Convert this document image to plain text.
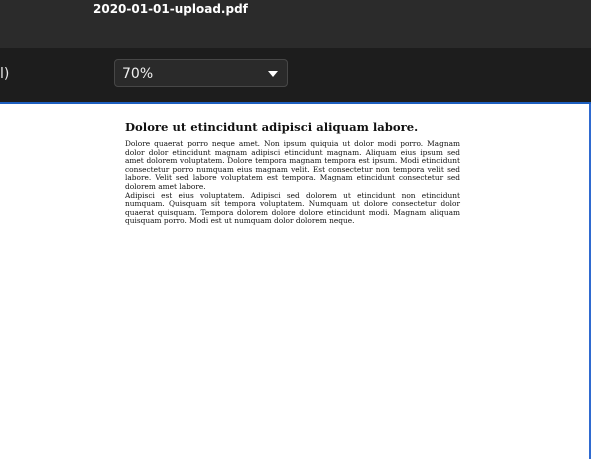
2020-01-01-upload.pdf
l)	70%
Dolore ut etincidunt adipisci aliquam labore.

Dolore quaerat porro neque amet. Non ipsum quiquia ut dolor modi porro. Magnam dolor dolor etincidunt magnam adipisci etincidunt magnam. Aliquam eius ipsum sed amet dolorem voluptatem. Dolore tempora magnam tempora est ipsum. Modi etincidunt consectetur porro numquam eius magnam velit. Est consectetur non tempora velit sed labore. Velit sed labore voluptatem est tempora. Magnam etincidunt consectetur sed dolorem amet labore.

Adipisci est eius voluptatem. Adipisci sed dolorem ut etincidunt non etincidunt numquam. Quisquam sit tempora voluptatem. Numquam ut dolore consectetur dolor quaerat quisquam. Tempora dolorem dolore dolore etincidunt modi. Magnam aliquam quisquam porro. Modi est ut numquam dolor dolorem neque.
